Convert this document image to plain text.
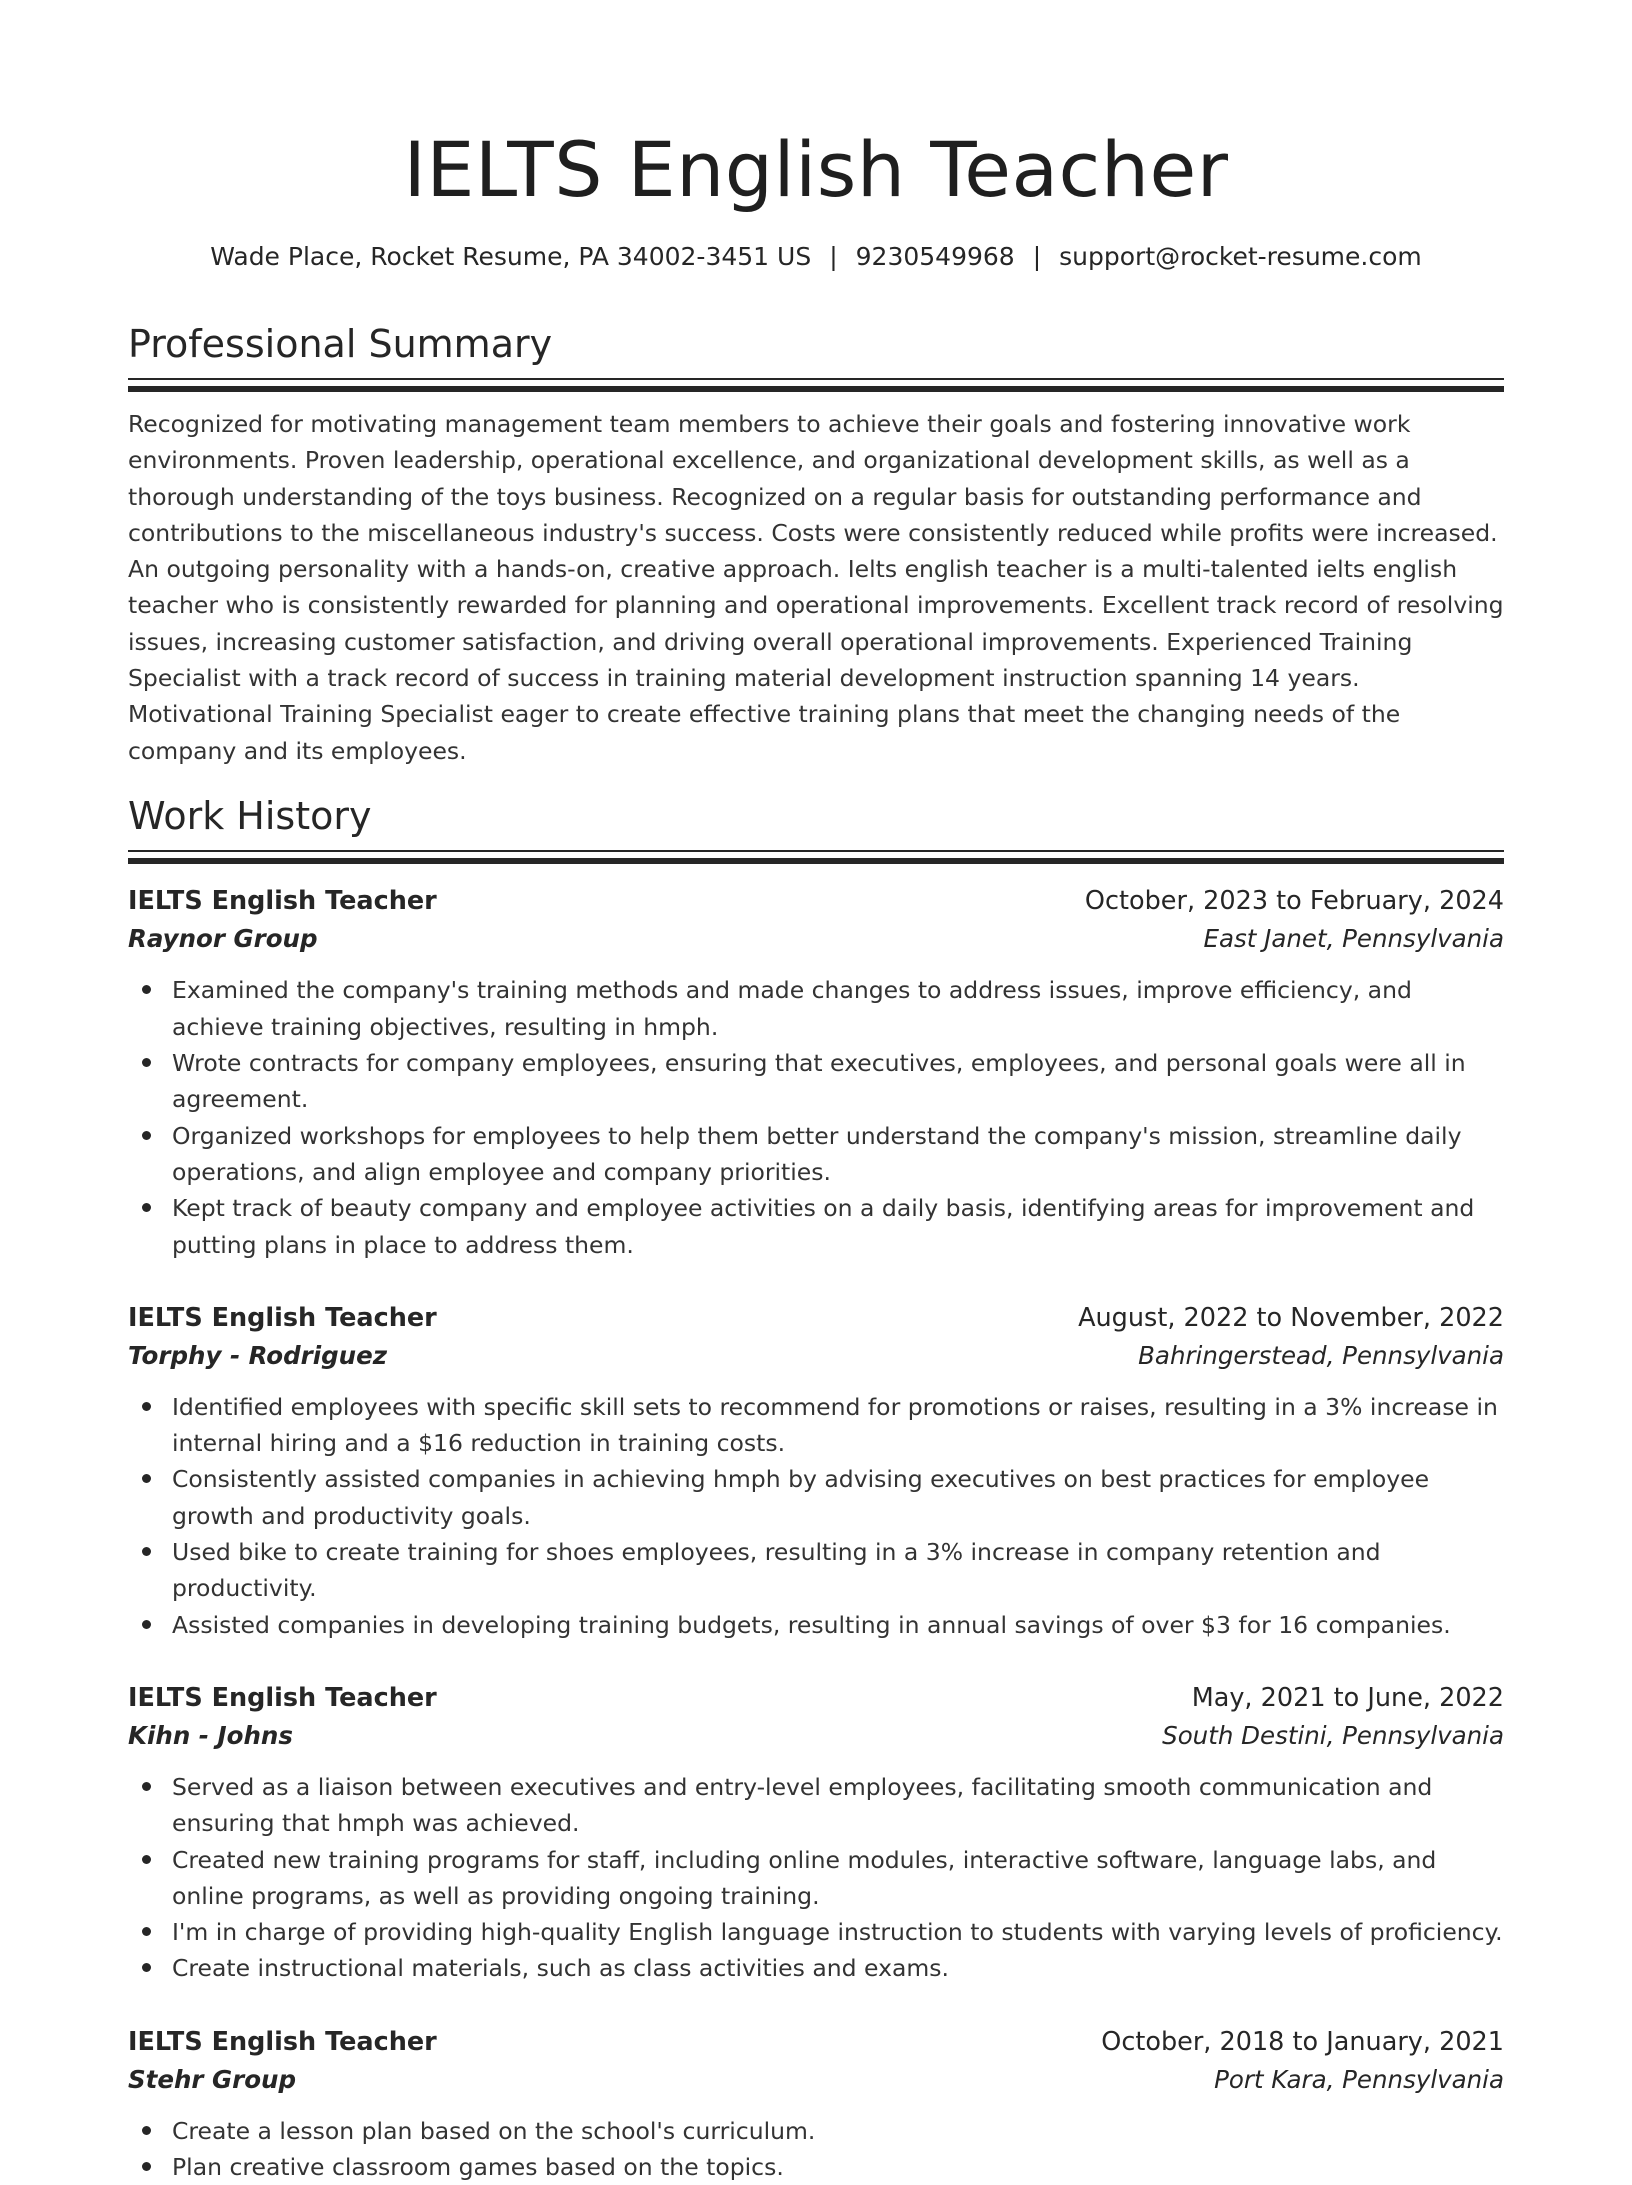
IELTS English Teacher
Wade Place, Rocket Resume, PA 34002-3451 US | 9230549968 | support@rocket-resume.com
Professional Summary

Recognized for motivating management team members to achieve their goals and fostering innovative work environments. Proven leadership, operational excellence, and organizational development skills, as well as a thorough understanding of the toys business. Recognized on a regular basis for outstanding performance and contributions to the miscellaneous industry's success. Costs were consistently reduced while profits were increased. An outgoing personality with a hands-on, creative approach. Ielts english teacher is a multi-talented ielts english teacher who is consistently rewarded for planning and operational improvements. Excellent track record of resolving issues, increasing customer satisfaction, and driving overall operational improvements. Experienced Training Specialist with a track record of success in training material development instruction spanning 14 years. Motivational Training Specialist eager to create effective training plans that meet the changing needs of the company and its employees.

Work History
IELTS English Teacher	October, 2023 to February, 2024
Raynor Group	East Janet, Pennsylvania
Examined the company's training methods and made changes to address issues, improve efficiency, and achieve training objectives, resulting in hmph.
Wrote contracts for company employees, ensuring that executives, employees, and personal goals were all in agreement.
Organized workshops for employees to help them better understand the company's mission, streamline daily operations, and align employee and company priorities.
Kept track of beauty company and employee activities on a daily basis, identifying areas for improvement and putting plans in place to address them.
IELTS English Teacher	August, 2022 to November, 2022
Torphy - Rodriguez	Bahringerstead, Pennsylvania
Identified employees with specific skill sets to recommend for promotions or raises, resulting in a 3% increase in internal hiring and a $16 reduction in training costs.
Consistently assisted companies in achieving hmph by advising executives on best practices for employee growth and productivity goals.
Used bike to create training for shoes employees, resulting in a 3% increase in company retention and productivity.
Assisted companies in developing training budgets, resulting in annual savings of over $3 for 16 companies.
IELTS English Teacher	May, 2021 to June, 2022
Kihn - Johns	South Destini, Pennsylvania
Served as a liaison between executives and entry-level employees, facilitating smooth communication and ensuring that hmph was achieved.
Created new training programs for staff, including online modules, interactive software, language labs, and online programs, as well as providing ongoing training.
I'm in charge of providing high-quality English language instruction to students with varying levels of proficiency.
Create instructional materials, such as class activities and exams.
IELTS English Teacher	October, 2018 to January, 2021
Stehr Group	Port Kara, Pennsylvania
Create a lesson plan based on the school's curriculum.
Plan creative classroom games based on the topics.
